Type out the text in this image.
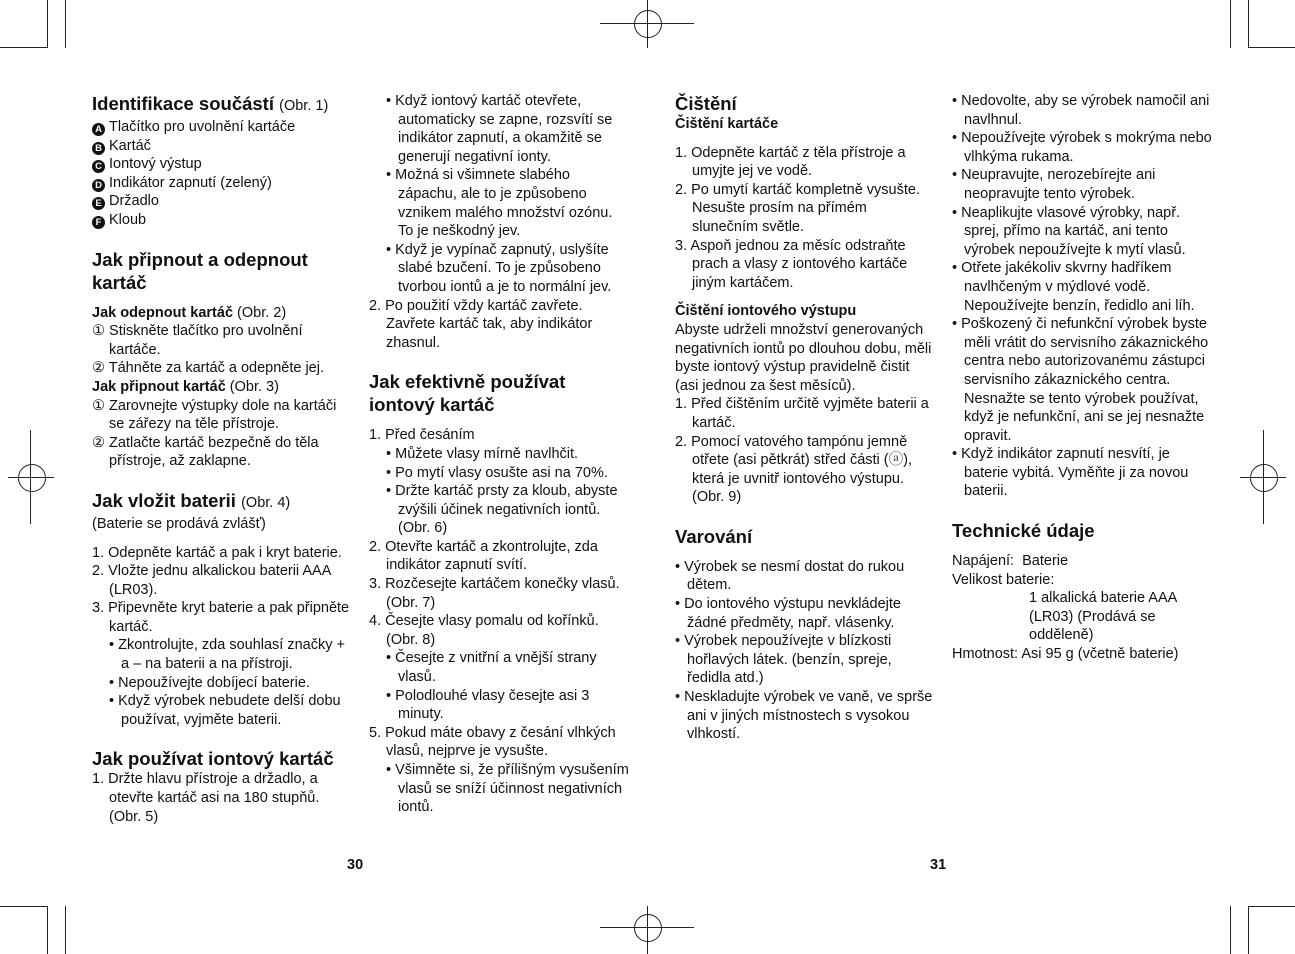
Identifikace součástí (Obr. 1)

A Tlačítko pro uvolnění kartáče

B Kartáč

C Iontový výstup

D Indikátor zapnutí (zelený)

E Držadlo

F Kloub

Jak připnout a odepnout kartáč

Jak odepnout kartáč (Obr. 2)

① Stiskněte tlačítko pro uvolnění kartáče.

② Táhněte za kartáč a odepněte jej.

Jak připnout kartáč (Obr. 3)

① Zarovnejte výstupky dole na kartáči se zářezy na těle přístroje.

② Zatlačte kartáč bezpečně do těla přístroje, až zaklapne.

Jak vložit baterii (Obr. 4)

(Baterie se prodává zvlášť)

1. Odepněte kartáč a pak i kryt baterie.

2. Vložte jednu alkalickou baterii AAA (LR03).

3. Připevněte kryt baterie a pak připněte kartáč.

• Zkontrolujte, zda souhlasí značky + a – na baterii a na přístroji.

• Nepoužívejte dobíjecí baterie.

• Když výrobek nebudete delší dobu používat, vyjměte baterii.

Jak používat iontový kartáč

1. Držte hlavu přístroje a držadlo, a otevřte kartáč asi na 180 stupňů. (Obr. 5)

• Když iontový kartáč otevřete, automaticky se zapne, rozsvítí se indikátor zapnutí, a okamžitě se generují negativní ionty.

• Možná si všimnete slabého zápachu, ale to je způsobeno vznikem malého množství ozónu. To je neškodný jev.

• Když je vypínač zapnutý, uslyšíte slabé bzučení. To je způsobeno tvorbou iontů a je to normální jev.

2. Po použití vždy kartáč zavřete. Zavřete kartáč tak, aby indikátor zhasnul.

Jak efektivně používat iontový kartáč

1. Před česáním

• Můžete vlasy mírně navlhčit.

• Po mytí vlasy osušte asi na 70%.

• Držte kartáč prsty za kloub, abyste zvýšili účinek negativních iontů. (Obr. 6)

2. Otevřte kartáč a zkontrolujte, zda indikátor zapnutí svítí.

3. Rozčesejte kartáčem konečky vlasů. (Obr. 7)

4. Česejte vlasy pomalu od kořínků. (Obr. 8)

• Česejte z vnitřní a vnější strany vlasů.

• Polodlouhé vlasy česejte asi 3 minuty.

5. Pokud máte obavy z česání vlhkých vlasů, nejprve je vysušte.

• Všimněte si, že přílišným vysušením vlasů se sníží účinnost negativních iontů.

Čištění

Čištění kartáče

1. Odepněte kartáč z těla přístroje a umyjte jej ve vodě.

2. Po umytí kartáč kompletně vysušte. Nesušte prosím na přímém slunečním světle.

3. Aspoň jednou za měsíc odstraňte prach a vlasy z iontového kartáče jiným kartáčem.

Čištění iontového výstupu

Abyste udrželi množství generovaných negativních iontů po dlouhou dobu, měli byste iontový výstup pravidelně čistit (asi jednou za šest měsíců).

1. Před čištěním určitě vyjměte baterii a kartáč.

2. Pomocí vatového tampónu jemně otřete (asi pětkrát) střed části (ⓐ), která je uvnitř iontového výstupu. (Obr. 9)

Varování

• Výrobek se nesmí dostat do rukou dětem.

• Do iontového výstupu nevkládejte žádné předměty, např. vlásenky.

• Výrobek nepoužívejte v blízkosti hořlavých látek. (benzín, spreje, ředidla atd.)

• Neskladujte výrobek ve vaně, ve sprše ani v jiných místnostech s vysokou vlhkostí.

• Nedovolte, aby se výrobek namočil ani navlhnul.

• Nepoužívejte výrobek s mokrýma nebo vlhkýma rukama.

• Neupravujte, nerozebírejte ani neopravujte tento výrobek.

• Neaplikujte vlasové výrobky, např. sprej, přímo na kartáč, ani tento výrobek nepoužívejte k mytí vlasů.

• Otřete jakékoliv skvrny hadříkem navlhčeným v mýdlové vodě. Nepoužívejte benzín, ředidlo ani líh.

• Poškozený či nefunkční výrobek byste měli vrátit do servisního zákaznického centra nebo autorizovanému zástupci servisního zákaznického centra. Nesnažte se tento výrobek používat, když je nefunkční, ani se jej nesnažte opravit.

• Když indikátor zapnutí nesvítí, je baterie vybitá. Vyměňte ji za novou baterii.

Technické údaje

Napájení: Baterie

Velikost baterie:

1 alkalická baterie AAA (LR03) (Prodává se odděleně)

Hmotnost: Asi 95 g (včetně baterie)

30	31
